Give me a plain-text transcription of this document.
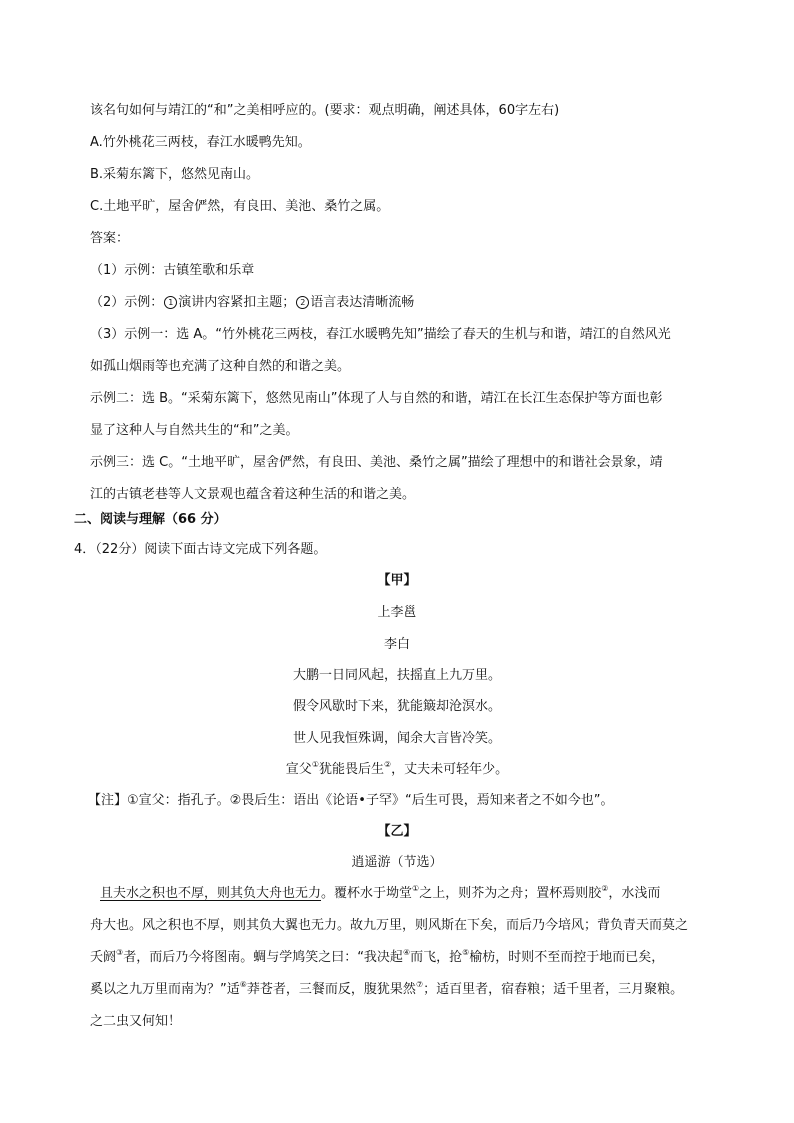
该名句如何与靖江的“和”之美相呼应的。(要求：观点明确，阐述具体，60字左右)
A.竹外桃花三两枝，春江水暖鸭先知。
B.采菊东篱下，悠然见南山。
C.土地平旷，屋舍俨然，有良田、美池、桑竹之属。
答案：
（1）示例：古镇笙歌和乐章
（2）示例： 1 演讲内容紧扣主题； 2 语言表达清晰流畅
（3）示例一：选 A。“竹外桃花三两枝，春江水暖鸭先知”描绘了春天的生机与和谐，靖江的自然风光
如孤山烟雨等也充满了这种自然的和谐之美。
示例二：选 B。“采菊东篱下，悠然见南山”体现了人与自然的和谐，靖江在长江生态保护等方面也彰
显了这种人与自然共生的“和”之美。
示例三：选 C。“土地平旷，屋舍俨然，有良田、美池、桑竹之属”描绘了理想中的和谐社会景象，靖
江的古镇老巷等人文景观也蕴含着这种生活的和谐之美。
二、阅读与理解（66 分）
4．（22分）阅读下面古诗文完成下列各题。
【甲】
上李邕
李白
大鹏一日同风起，扶摇直上九万里。
假令风歇时下来，犹能簸却沧溟水。
世人见我恒殊调，闻余大言皆冷笑。
宣父①犹能畏后生②，丈夫未可轻年少。
【注】①宣父：指孔子。②畏后生：语出《论语•子罕》“后生可畏，焉知来者之不如今也”。
【乙】
逍遥游（节选）
且夫水之积也不厚，则其负大舟也无力。覆杯水于坳堂①之上，则芥为之舟；置杯焉则胶②，水浅而
舟大也。风之积也不厚，则其负大翼也无力。故九万里，则风斯在下矣，而后乃今培风；背负青天而莫之
夭阏③者，而后乃今将图南。蜩与学鸠笑之曰：“我决起④而飞，抢⑤榆枋，时则不至而控于地而已矣，
奚以之九万里而南为？”适⑥莽苍者，三餐而反，腹犹果然⑦；适百里者，宿舂粮；适千里者，三月聚粮。
之二虫又何知！
